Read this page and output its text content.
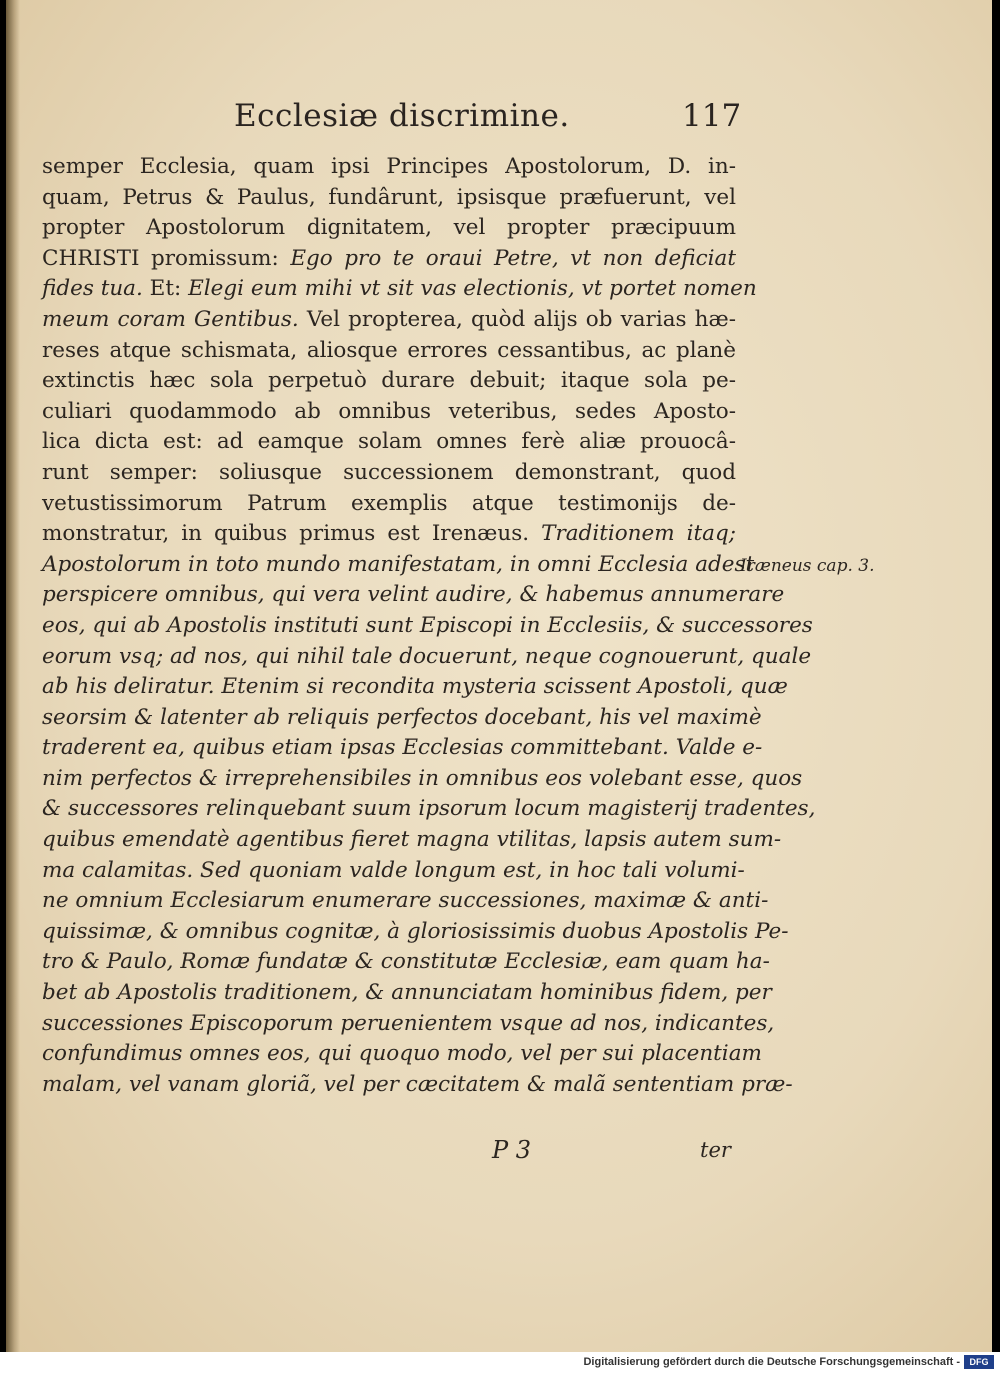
Ecclesiæ discrimine.	117
semper Ecclesia, quam ipsi Principes Apostolorum, D. in-
quam, Petrus & Paulus, fundârunt, ipsisque præfuerunt, vel
propter Apostolorum dignitatem, vel propter præcipuum
CHRISTI promissum: Ego pro te oraui Petre, vt non deficiat
fides tua. Et: Elegi eum mihi vt sit vas electionis, vt portet nomen
meum coram Gentibus. Vel propterea, quòd alijs ob varias hæ-
reses atque schismata, aliosque errores cessantibus, ac planè
extinctis hæc sola perpetuò durare debuit; itaque sola pe-
culiari quodammodo ab omnibus veteribus, sedes Aposto-
lica dicta est: ad eamque solam omnes ferè aliæ prouocâ-
runt semper: soliusque successionem demonstrant, quod
vetustissimorum Patrum exemplis atque testimonijs de-
monstratur, in quibus primus est Irenæus. Traditionem itaq;
Apostolorum in toto mundo manifestatam, in omni Ecclesia adest
perspicere omnibus, qui vera velint audire, & habemus annumerare
eos, qui ab Apostolis instituti sunt Episcopi in Ecclesiis, & successores
eorum vsq; ad nos, qui nihil tale docuerunt, neque cognouerunt, quale
ab his deliratur. Etenim si recondita mysteria scissent Apostoli, quæ
seorsim & latenter ab reliquis perfectos docebant, his vel maximè
traderent ea, quibus etiam ipsas Ecclesias committebant. Valde e-
nim perfectos & irreprehensibiles in omnibus eos volebant esse, quos
& successores relinquebant suum ipsorum locum magisterij tradentes,
quibus emendatè agentibus fieret magna vtilitas, lapsis autem sum-
ma calamitas. Sed quoniam valde longum est, in hoc tali volumi-
ne omnium Ecclesiarum enumerare successiones, maximæ & anti-
quissimæ, & omnibus cognitæ, à gloriosissimis duobus Apostolis Pe-
tro & Paulo, Romæ fundatæ & constitutæ Ecclesiæ, eam quam ha-
bet ab Apostolis traditionem, & annunciatam hominibus fidem, per
successiones Episcoporum peruenientem vsque ad nos, indicantes,
confundimus omnes eos, qui quoquo modo, vel per sui placentiam
malam, vel vanam gloriã, vel per cæcitatem & malã sententiam præ-
Iræneus cap. 3.
P 3	ter
Digitalisierung gefördert durch die Deutsche Forschungsgemeinschaft -	DFG
